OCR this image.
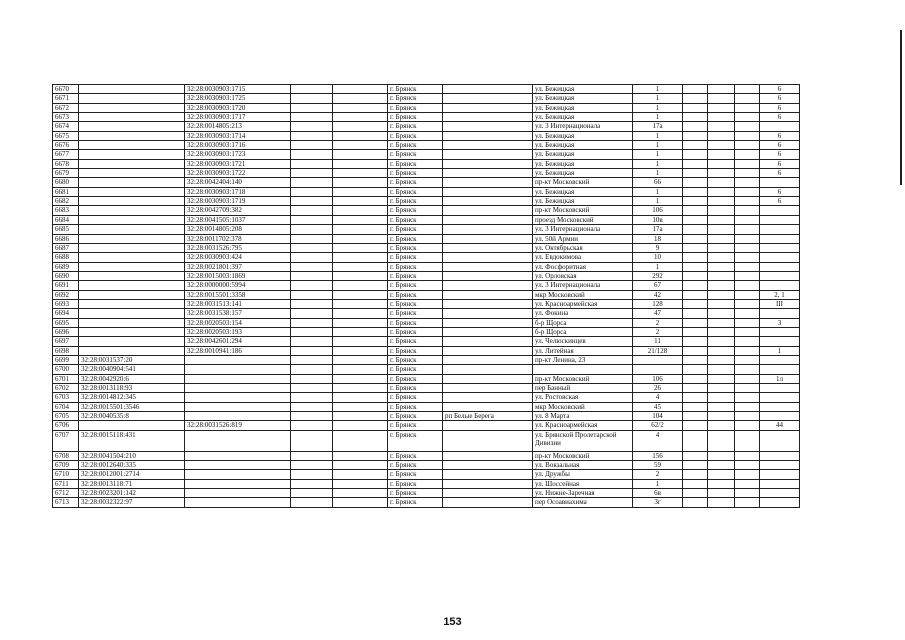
6670		32:28:0030903:1715			г. Брянск		ул. Бежицкая	1				6
6671		32:28:0030903:1725			г. Брянск		ул. Бежицкая	1				6
6672		32:28:0030903:1720			г. Брянск		ул. Бежицкая	1				6
6673		32:28:0030903:1717			г. Брянск		ул. Бежицкая	1				6
6674		32:28:0014805:213			г. Брянск		ул. 3 Интернационала	17а				
6675		32:28:0030903:1714			г. Брянск		ул. Бежицкая	1				6
6676		32:28:0030903:1716			г. Брянск		ул. Бежицкая	1				6
6677		32:28:0030903:1723			г. Брянск		ул. Бежицкая	1				6
6678		32:28:0030903:1721			г. Брянск		ул. Бежицкая	1				6
6679		32:28:0030903:1722			г. Брянск		ул. Бежицкая	1				6
6680		32:28:0042404:140			г. Брянск		пр-кт Московский	66				
6681		32:28:0030903:1718			г. Брянск		ул. Бежицкая	1				6
6682		32:28:0030903:1719			г. Брянск		ул. Бежицкая	1				6
6683		32:28:0042709:382			г. Брянск		пр-кт Московский	106				
6684		32:28:0041505:1037			г. Брянск		проезд Московский	10в				
6685		32:28:0014805:208			г. Брянск		ул. 3 Интернационала	17а				
6686		32:28:0011702:378			г. Брянск		ул. 50й Армии	18				
6687		32:28:0031526:795			г. Брянск		ул. Октябрьская	9				
6688		32:28:0030903:424			г. Брянск		ул. Евдокимова	10				
6689		32:28:0021801:397			г. Брянск		ул. Фосфоритная	1				
6690		32:28:0015003:1869			г. Брянск		ул. Орловская	292				
6691		32:28:0000000:5994			г. Брянск		ул. 3 Интернационала	67				
6692		32:28:0015501:3358			г. Брянск		мкр Московский	42				2, 1
6693		32:28:0031513:141			г. Брянск		ул. Красноармейская	128				III
6694		32:28:0031538:157			г. Брянск		ул. Фокина	47				
6695		32:28:0020503:154			г. Брянск		б-р Щорса	2				3
6696		32:28:0020503:193			г. Брянск		б-р Щорса	2				
6697		32:28:0042601:294			г. Брянск		ул. Челюскинцев	11				
6698		32:28:0010941:186			г. Брянск		ул. Литейная	21/128				1
6699	32:28:0031537:20				г. Брянск		пр-кт Ленина, 23					
6700	32:28:0040904:541				г. Брянск							
6701	32:28:0042920:6				г. Брянск		пр-кт Московский	106				1л
6702	32:28:0013118:93				г. Брянск		пер Банный	26				
6703	32:28:0014812:345				г. Брянск		ул. Ростовская	4				
6704	32:28:0015501:3546				г. Брянск		мкр Московский	45				
6705	32:28:0040535:8				г. Брянск	рп Белые Берега	ул. 8 Марта	104				
6706		32:28:0031526:819			г. Брянск		ул. Красноармейская	62/2				44
6707	32:28:0015118:431				г. Брянск		ул. Брянской Пролетарской Дивизии	4				
6708	32:28:0041504:210				г. Брянск		пр-кт Московский	156				
6709	32:28:0012640:335				г. Брянск		ул. Вокзальная	59				
6710	32:28:0012001:2714				г. Брянск		ул. Дружбы	2				
6711	32:28:0013118:71				г. Брянск		ул. Шоссейная	1				
6712	32:28:0023201:142				г. Брянск		ул. Нижне-Заречная	6в				
6713	32:28:0032322:97				г. Брянск		пер Осоавиахима	3г				
153
